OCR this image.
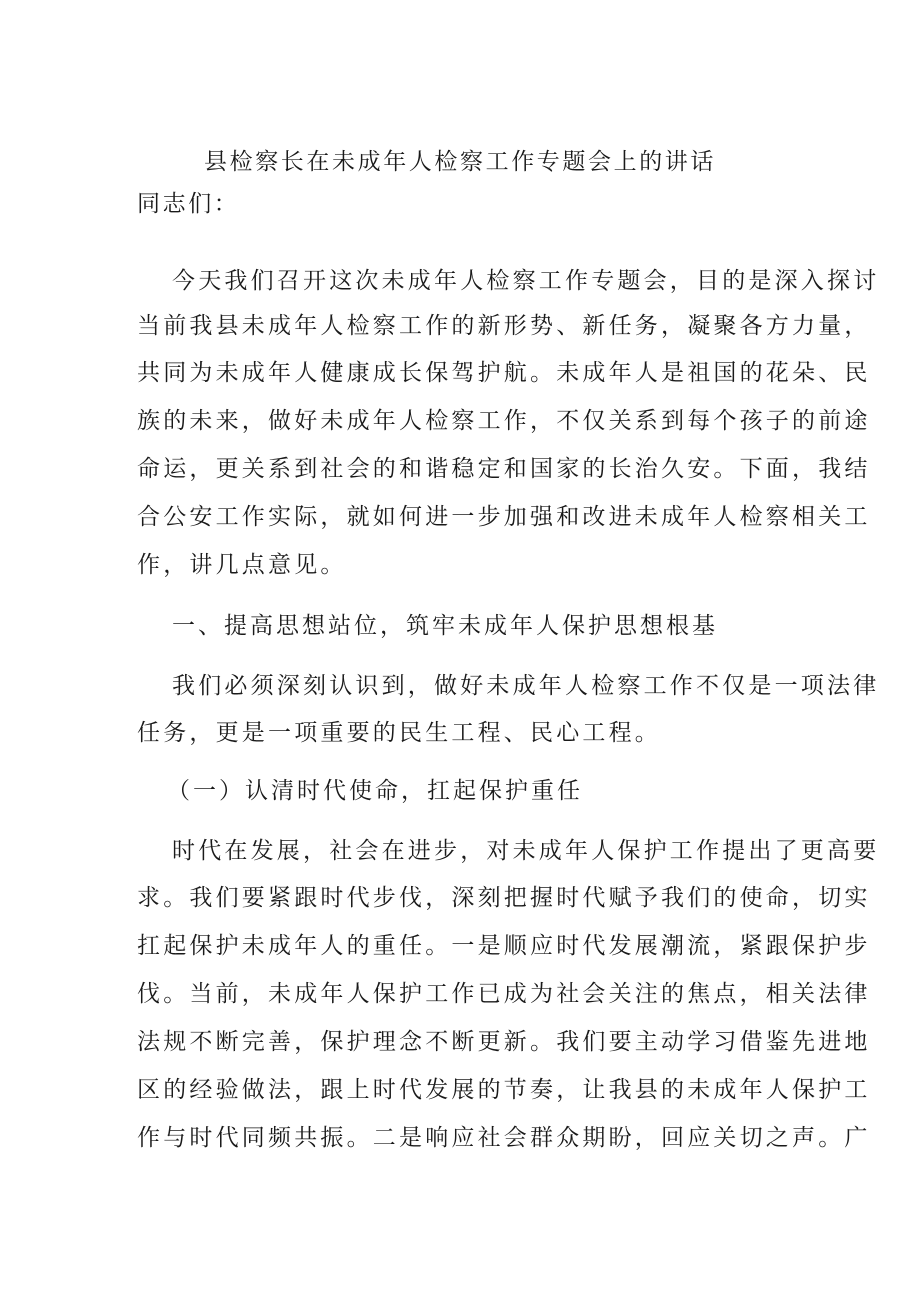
县检察长在未成年人检察工作专题会上的讲话
同志们：
今天我们召开这次未成年人检察工作专题会，目的是深入探讨
当前我县未成年人检察工作的新形势、新任务，凝聚各方力量，
共同为未成年人健康成长保驾护航。未成年人是祖国的花朵、民
族的未来，做好未成年人检察工作，不仅关系到每个孩子的前途
命运，更关系到社会的和谐稳定和国家的长治久安。下面，我结
合公安工作实际，就如何进一步加强和改进未成年人检察相关工
作，讲几点意见。
一、提高思想站位，筑牢未成年人保护思想根基
我们必须深刻认识到，做好未成年人检察工作不仅是一项法律
任务，更是一项重要的民生工程、民心工程。
（一）认清时代使命，扛起保护重任
时代在发展，社会在进步，对未成年人保护工作提出了更高要
求。我们要紧跟时代步伐，深刻把握时代赋予我们的使命，切实
扛起保护未成年人的重任。一是顺应时代发展潮流，紧跟保护步
伐。当前，未成年人保护工作已成为社会关注的焦点，相关法律
法规不断完善，保护理念不断更新。我们要主动学习借鉴先进地
区的经验做法，跟上时代发展的节奏，让我县的未成年人保护工
作与时代同频共振。二是响应社会群众期盼，回应关切之声。广
